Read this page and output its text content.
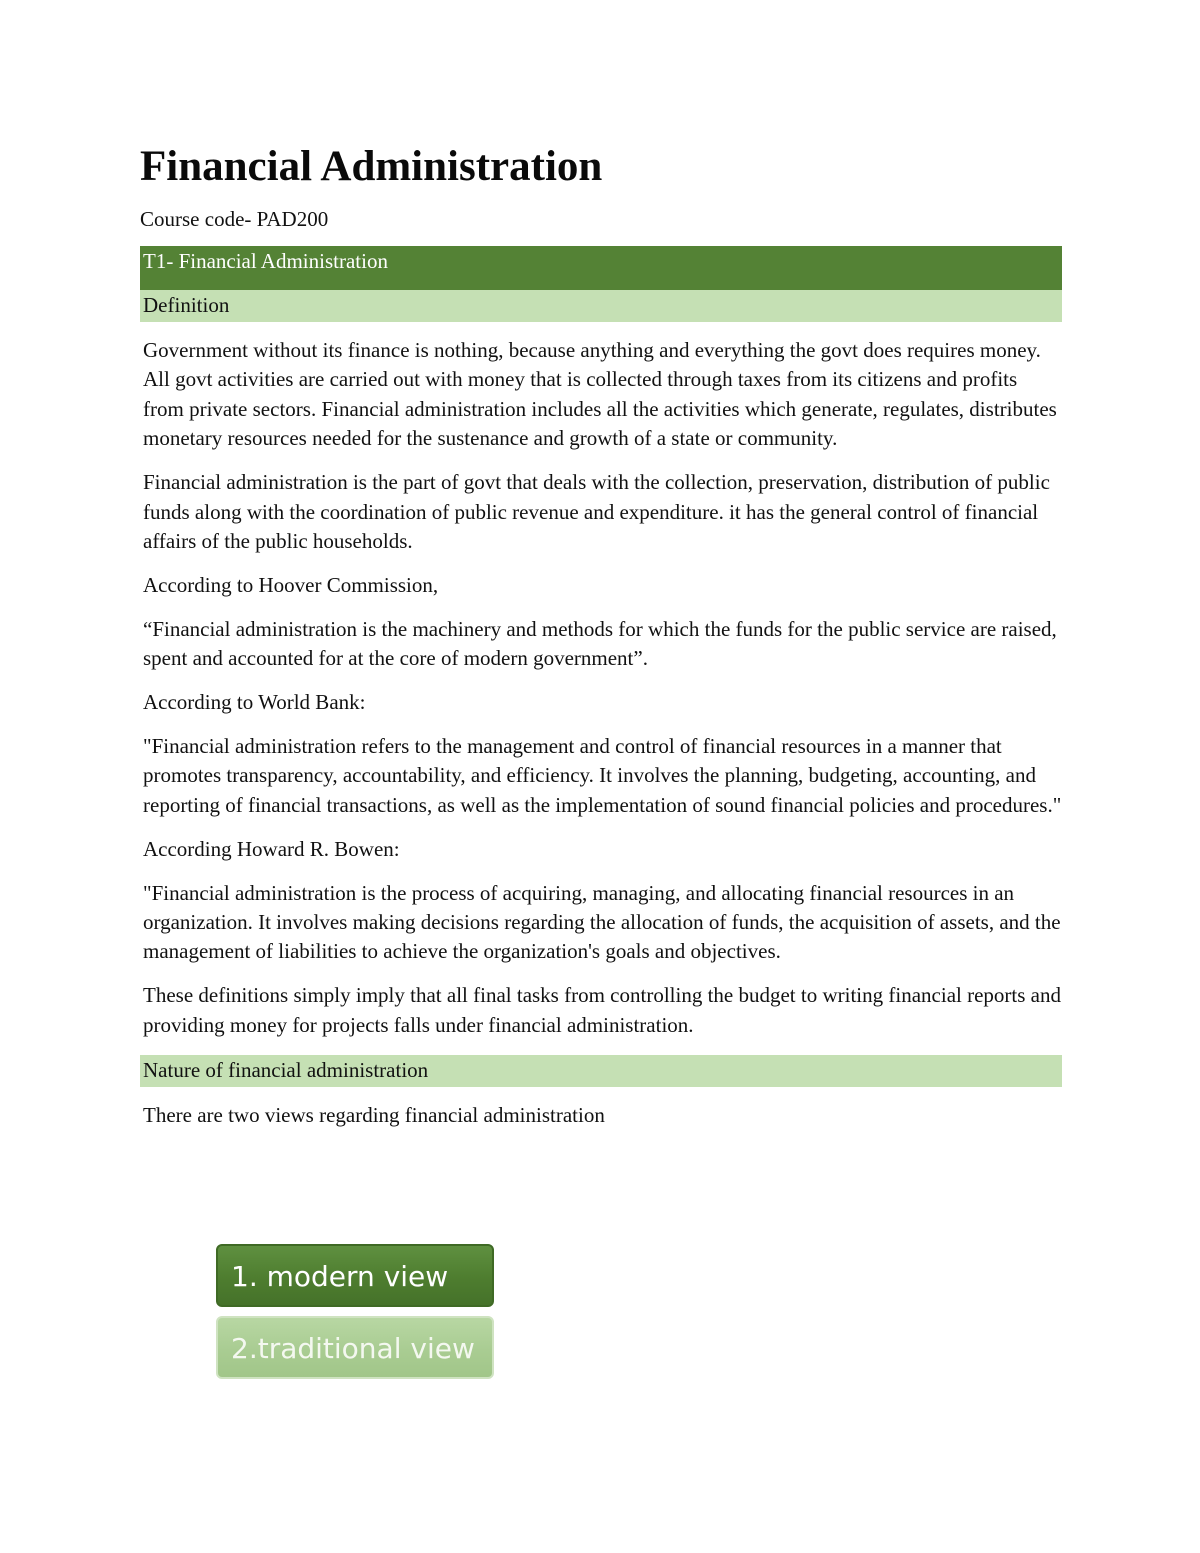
Financial Administration
Course code- PAD200
T1- Financial Administration
Definition

Government without its finance is nothing, because anything and everything the govt does requires money. All govt activities are carried out with money that is collected through taxes from its citizens and profits from private sectors. Financial administration includes all the activities which generate, regulates, distributes monetary resources needed for the sustenance and growth of a state or community.

Financial administration is the part of govt that deals with the collection, preservation, distribution of public funds along with the coordination of public revenue and expenditure. it has the general control of financial affairs of the public households.

According to Hoover Commission,

“Financial administration is the machinery and methods for which the funds for the public service are raised, spent and accounted for at the core of modern government”.

According to World Bank:

"Financial administration refers to the management and control of financial resources in a manner that promotes transparency, accountability, and efficiency. It involves the planning, budgeting, accounting, and reporting of financial transactions, as well as the implementation of sound financial policies and procedures."

According Howard R. Bowen:

"Financial administration is the process of acquiring, managing, and allocating financial resources in an organization. It involves making decisions regarding the allocation of funds, the acquisition of assets, and the management of liabilities to achieve the organization's goals and objectives.

These definitions simply imply that all final tasks from controlling the budget to writing financial reports and providing money for projects falls under financial administration.

Nature of financial administration

There are two views regarding financial administration

1. modern view
2.traditional view
